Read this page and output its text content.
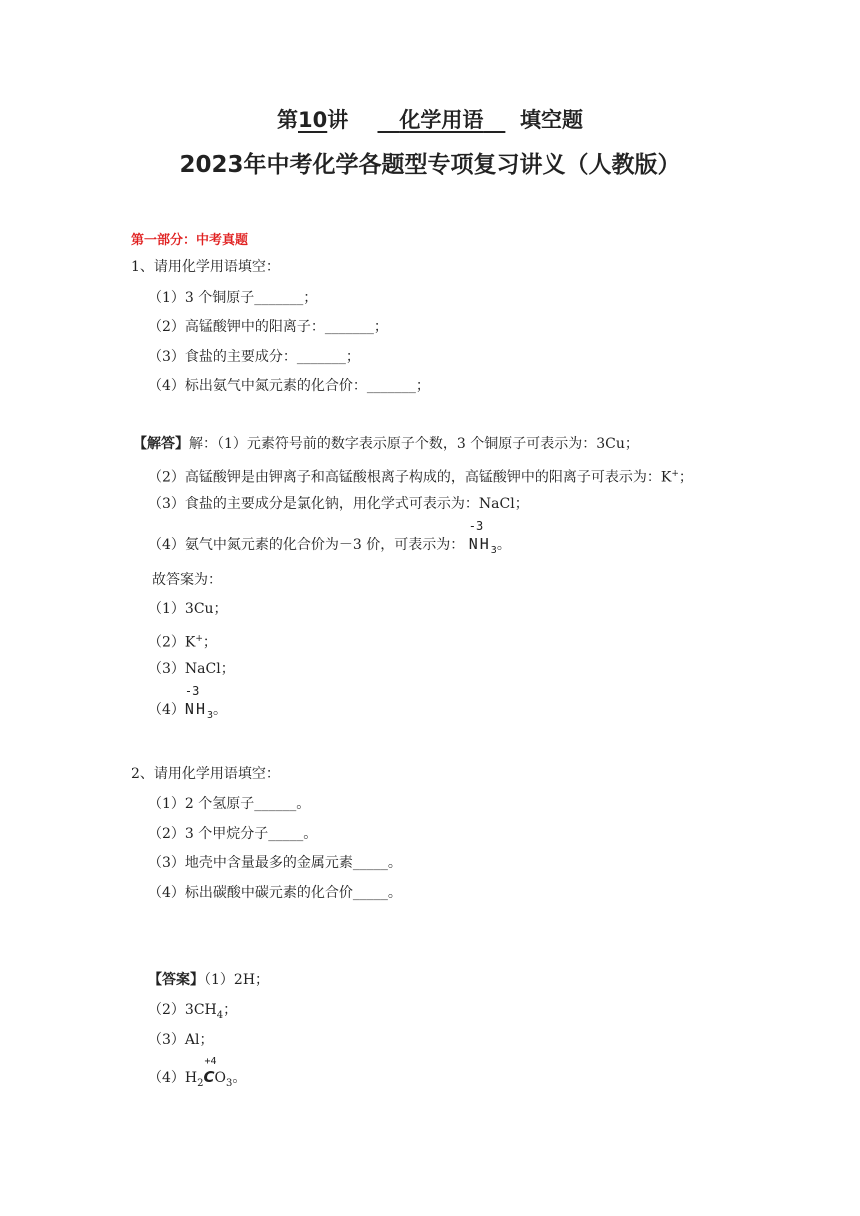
第10讲 化学用语 填空题
2023年中考化学各题型专项复习讲义（人教版）
第一部分：中考真题
1、请用化学用语填空：
（1）3 个铜原子_______；
（2）高锰酸钾中的阳离子：_______；
（3）食盐的主要成分：_______；
（4）标出氨气中氮元素的化合价：_______；
【解答】解：（1）元素符号前的数字表示原子个数，3 个铜原子可表示为：3Cu；
（2）高锰酸钾是由钾离子和高锰酸根离子构成的，高锰酸钾中的阳离子可表示为：K+；
（3）食盐的主要成分是氯化钠，用化学式可表示为：NaCl；
（4）氨气中氮元素的化合价为－3 价，可表示为：
-3
$NH_3$。
故答案为：
（1）3Cu；
（2）K+；
（3）NaCl；
（4）
-3
$NH_3$。
2、请用化学用语填空：
（1）2 个氢原子______。
（2）3 个甲烷分子_____。
（3）地壳中含量最多的金属元素_____。
（4）标出碳酸中碳元素的化合价_____。
【答案】（1）2H；
$(2)3CH_4$；
（3）Al；
$(4)H_2$
+4
$CO_3$。
